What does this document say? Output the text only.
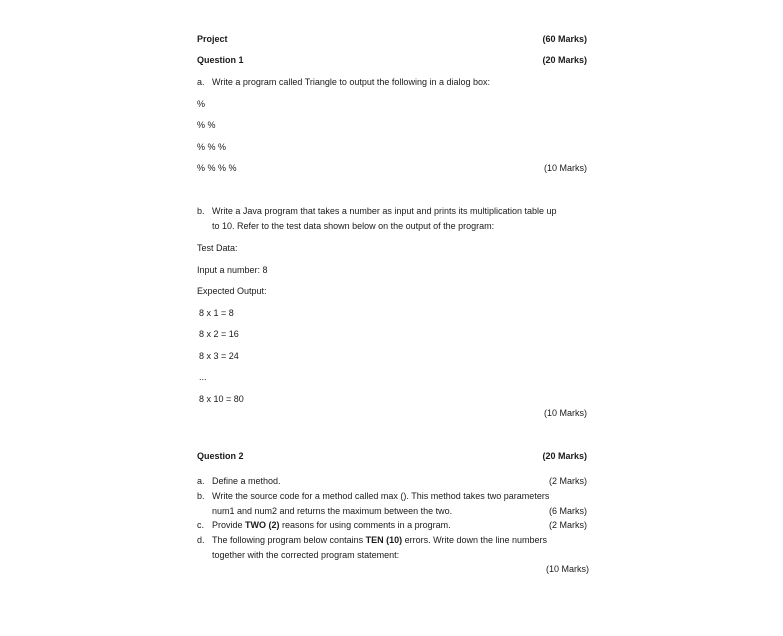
Project	(60 Marks)
Question 1	(20 Marks)
a. Write a program called Triangle to output the following in a dialog box:
%
% %
% % %
% % % %	(10 Marks)
b. Write a Java program that takes a number as input and prints its multiplication table up
to 10. Refer to the test data shown below on the output of the program:
Test Data:
Input a number: 8
Expected Output:
8 x 1 = 8
8 x 2 = 16
8 x 3 = 24
...
8 x 10 = 80
(10 Marks)
Question 2	(20 Marks)
a. Define a method.	(2 Marks)
b. Write the source code for a method called max (). This method takes two parameters
num1 and num2 and returns the maximum between the two.	(6 Marks)
c. Provide TWO (2) reasons for using comments in a program.	(2 Marks)
d. The following program below contains TEN (10) errors. Write down the line numbers
together with the corrected program statement:
(10 Marks)
